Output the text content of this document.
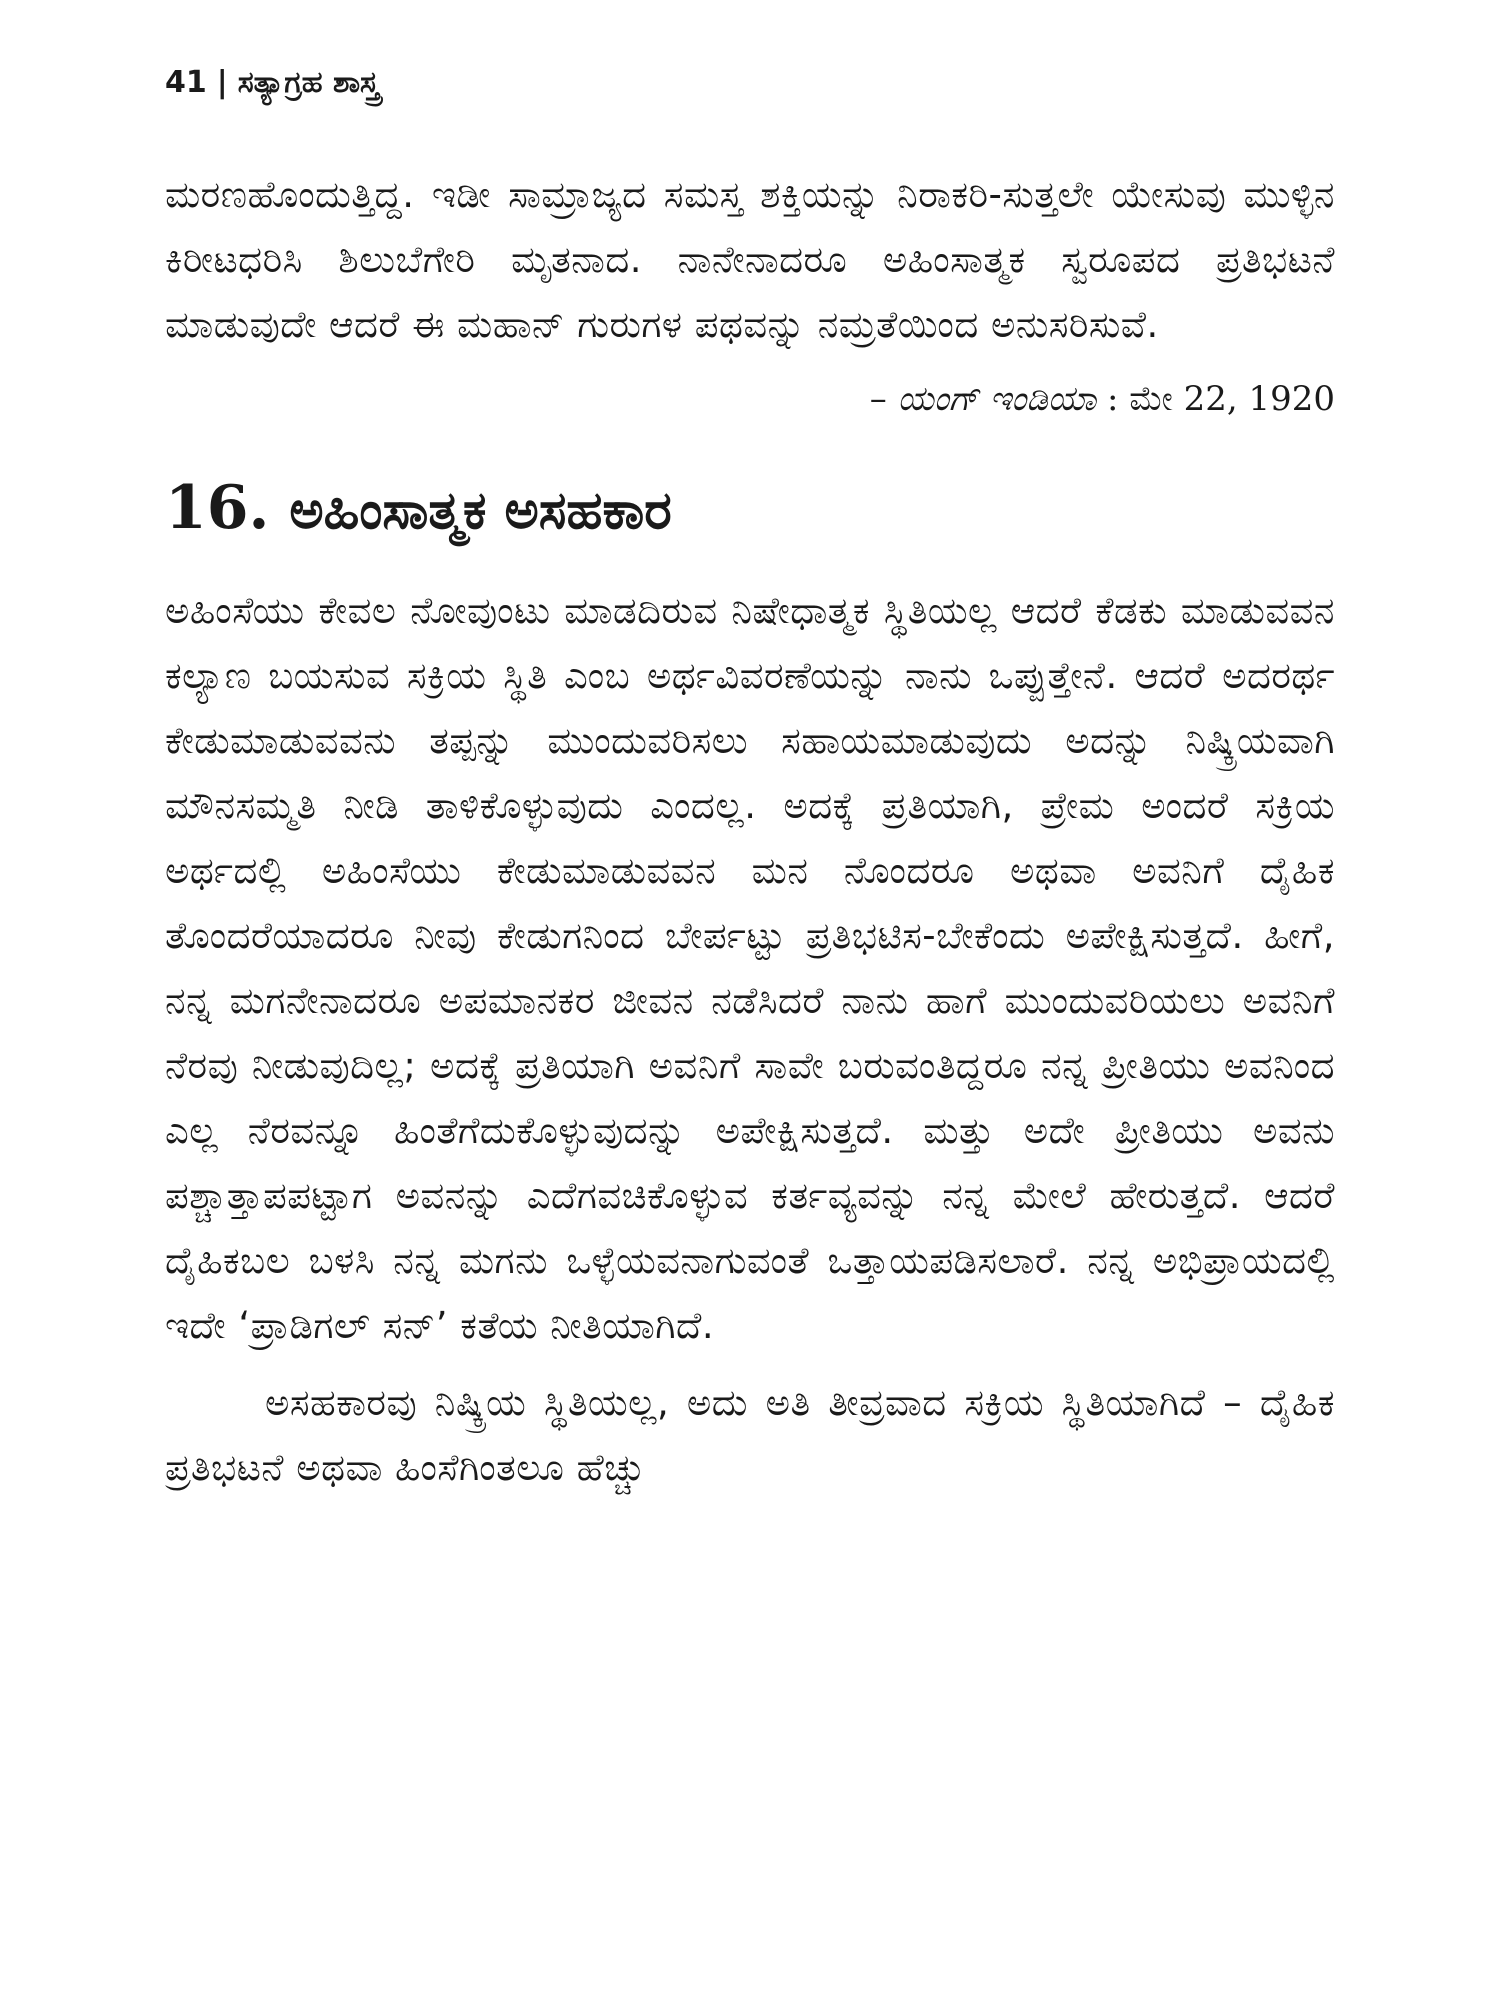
41 | ಸತ್ಯಾಗ್ರಹ ಶಾಸ್ತ್ರ

ಮರಣಹೊಂದುತ್ತಿದ್ದ. ಇಡೀ ಸಾಮ್ರಾಜ್ಯದ ಸಮಸ್ತ ಶಕ್ತಿಯನ್ನು ನಿರಾಕರಿ-ಸುತ್ತಲೇ ಯೇಸುವು ಮುಳ್ಳಿನ ಕಿರೀಟಧರಿಸಿ ಶಿಲುಬೆಗೇರಿ ಮೃತನಾದ. ನಾನೇನಾದರೂ ಅಹಿಂಸಾತ್ಮಕ ಸ್ವರೂಪದ ಪ್ರತಿಭಟನೆ ಮಾಡುವುದೇ ಆದರೆ ಈ ಮಹಾನ್ ಗುರುಗಳ ಪಥವನ್ನು ನಮ್ರತೆಯಿಂದ ಅನುಸರಿಸುವೆ.

– ಯಂಗ್ ಇಂಡಿಯಾ : ಮೇ 22, 1920
16. ಅಹಿಂಸಾತ್ಮಕ ಅಸಹಕಾರ

ಅಹಿಂಸೆಯು ಕೇವಲ ನೋವುಂಟು ಮಾಡದಿರುವ ನಿಷೇಧಾತ್ಮಕ ಸ್ಥಿತಿಯಲ್ಲ ಆದರೆ ಕೆಡಕು ಮಾಡುವವನ ಕಲ್ಯಾಣ ಬಯಸುವ ಸಕ್ರಿಯ ಸ್ಥಿತಿ ಎಂಬ ಅರ್ಥವಿವರಣೆಯನ್ನು ನಾನು ಒಪ್ಪುತ್ತೇನೆ. ಆದರೆ ಅದರರ್ಥ ಕೇಡುಮಾಡುವವನು ತಪ್ಪನ್ನು ಮುಂದುವರಿಸಲು ಸಹಾಯಮಾಡುವುದು ಅದನ್ನು ನಿಷ್ಕ್ರಿಯವಾಗಿ ಮೌನಸಮ್ಮತಿ ನೀಡಿ ತಾಳಿಕೊಳ್ಳುವುದು ಎಂದಲ್ಲ. ಅದಕ್ಕೆ ಪ್ರತಿಯಾಗಿ, ಪ್ರೇಮ ಅಂದರೆ ಸಕ್ರಿಯ ಅರ್ಥದಲ್ಲಿ ಅಹಿಂಸೆಯು ಕೇಡುಮಾಡುವವನ ಮನ ನೊಂದರೂ ಅಥವಾ ಅವನಿಗೆ ದೈಹಿಕ ತೊಂದರೆಯಾದರೂ ನೀವು ಕೇಡುಗನಿಂದ ಬೇರ್ಪಟ್ಟು ಪ್ರತಿಭಟಿಸ-ಬೇಕೆಂದು ಅಪೇಕ್ಷಿಸುತ್ತದೆ. ಹೀಗೆ, ನನ್ನ ಮಗನೇನಾದರೂ ಅಪಮಾನಕರ ಜೀವನ ನಡೆಸಿದರೆ ನಾನು ಹಾಗೆ ಮುಂದುವರಿಯಲು ಅವನಿಗೆ ನೆರವು ನೀಡುವುದಿಲ್ಲ; ಅದಕ್ಕೆ ಪ್ರತಿಯಾಗಿ ಅವನಿಗೆ ಸಾವೇ ಬರುವಂತಿದ್ದರೂ ನನ್ನ ಪ್ರೀತಿಯು ಅವನಿಂದ ಎಲ್ಲ ನೆರವನ್ನೂ ಹಿಂತೆಗೆದುಕೊಳ್ಳುವುದನ್ನು ಅಪೇಕ್ಷಿಸುತ್ತದೆ. ಮತ್ತು ಅದೇ ಪ್ರೀತಿಯು ಅವನು ಪಶ್ಚಾತ್ತಾಪಪಟ್ಟಾಗ ಅವನನ್ನು ಎದೆಗವಚಿಕೊಳ್ಳುವ ಕರ್ತವ್ಯವನ್ನು ನನ್ನ ಮೇಲೆ ಹೇರುತ್ತದೆ. ಆದರೆ ದೈಹಿಕಬಲ ಬಳಸಿ ನನ್ನ ಮಗನು ಒಳ್ಳೆಯವನಾಗುವಂತೆ ಒತ್ತಾಯಪಡಿಸಲಾರೆ. ನನ್ನ ಅಭಿಪ್ರಾಯದಲ್ಲಿ ಇದೇ ‘ಪ್ರಾಡಿಗಲ್ ಸನ್’ ಕತೆಯ ನೀತಿಯಾಗಿದೆ.

ಅಸಹಕಾರವು ನಿಷ್ಕ್ರಿಯ ಸ್ಥಿತಿಯಲ್ಲ, ಅದು ಅತಿ ತೀವ್ರವಾದ ಸಕ್ರಿಯ ಸ್ಥಿತಿಯಾಗಿದೆ – ದೈಹಿಕ ಪ್ರತಿಭಟನೆ ಅಥವಾ ಹಿಂಸೆಗಿಂತಲೂ ಹೆಚ್ಚು
